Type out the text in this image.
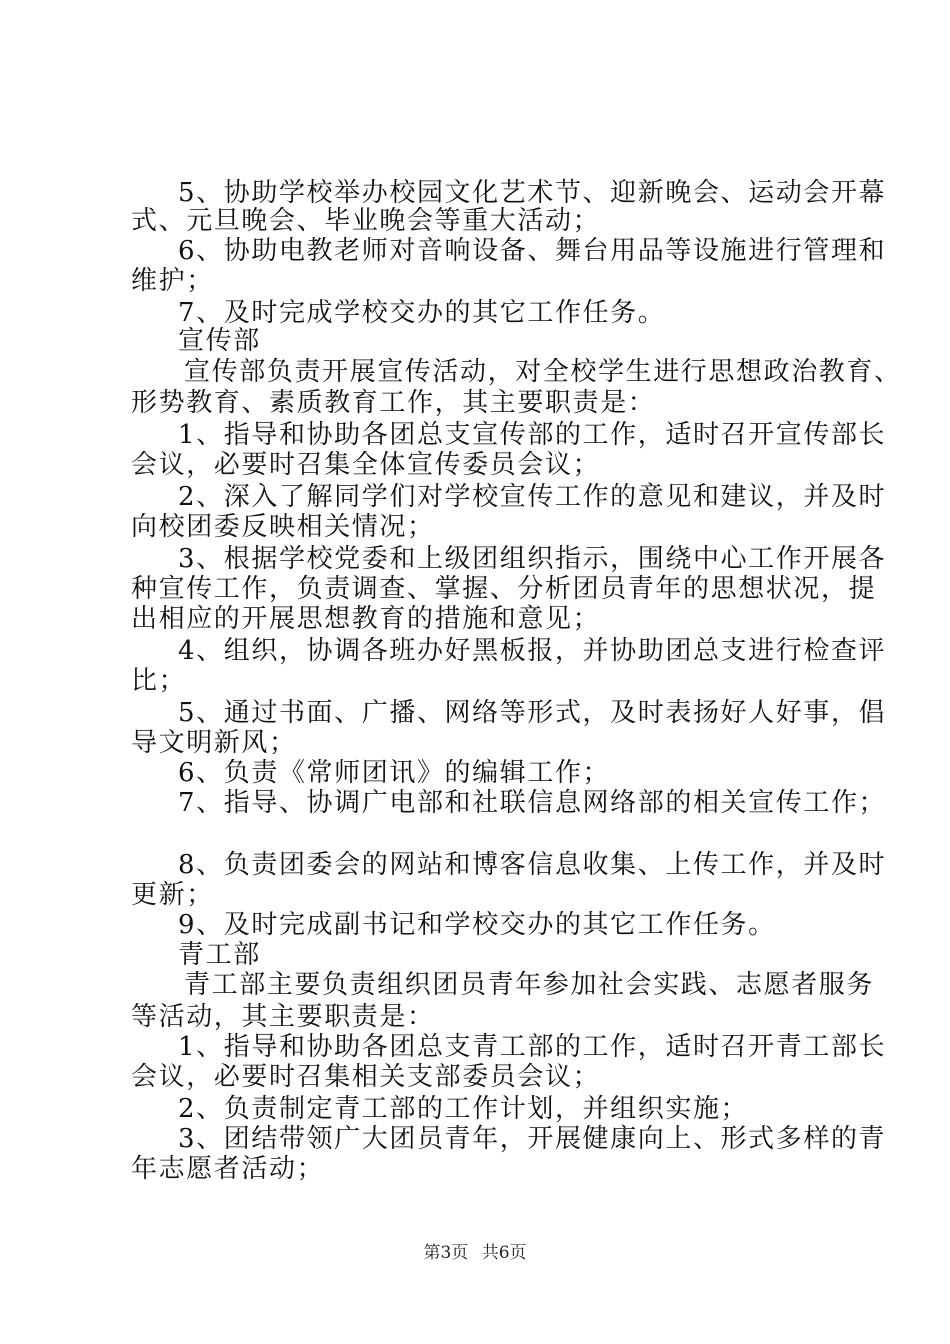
5、协助学校举办校园文化艺术节、迎新晚会、运动会开幕
式、元旦晚会、毕业晚会等重大活动；
6、协助电教老师对音响设备、舞台用品等设施进行管理和
维护；
7、及时完成学校交办的其它工作任务。
宣传部
宣传部负责开展宣传活动，对全校学生进行思想政治教育、
形势教育、素质教育工作，其主要职责是：
1、指导和协助各团总支宣传部的工作，适时召开宣传部长
会议，必要时召集全体宣传委员会议；
2、深入了解同学们对学校宣传工作的意见和建议，并及时
向校团委反映相关情况；
3、根据学校党委和上级团组织指示，围绕中心工作开展各
种宣传工作，负责调查、掌握、分析团员青年的思想状况，提
出相应的开展思想教育的措施和意见；
4、组织，协调各班办好黑板报，并协助团总支进行检查评
比；
5、通过书面、广播、网络等形式，及时表扬好人好事，倡
导文明新风；
6、负责《常师团讯》的编辑工作；
7、指导、协调广电部和社联信息网络部的相关宣传工作；
8、负责团委会的网站和博客信息收集、上传工作，并及时
更新；
9、及时完成副书记和学校交办的其它工作任务。
青工部
青工部主要负责组织团员青年参加社会实践、志愿者服务
等活动，其主要职责是：
1、指导和协助各团总支青工部的工作，适时召开青工部长
会议，必要时召集相关支部委员会议；
2、负责制定青工部的工作计划，并组织实施；
3、团结带领广大团员青年，开展健康向上、形式多样的青
年志愿者活动；
第3页 共6页
